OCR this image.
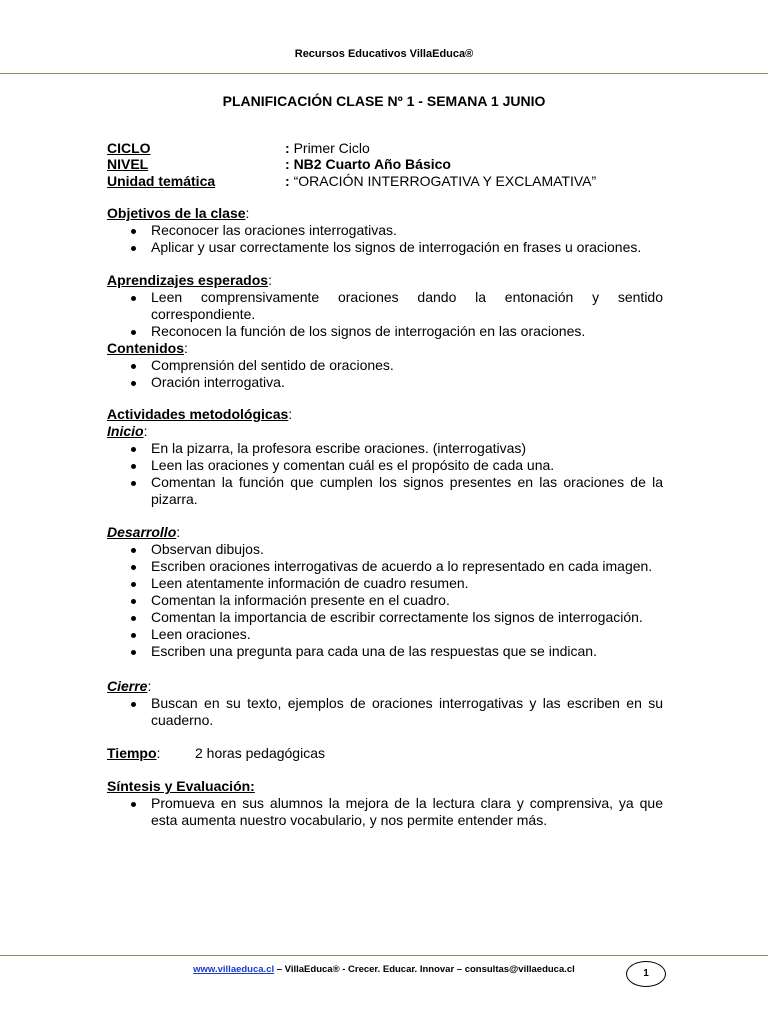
Recursos Educativos VillaEduca®
PLANIFICACIÓN CLASE Nº 1 - SEMANA 1 JUNIO
CICLO	: Primer Ciclo
NIVEL	: NB2 Cuarto Año Básico
Unidad temática	: “ORACIÓN INTERROGATIVA Y EXCLAMATIVA”
Objetivos de la clase:
Reconocer las oraciones interrogativas.
Aplicar y usar correctamente los signos de interrogación en frases u oraciones.
Aprendizajes esperados:
Leen comprensivamente oraciones dando la entonación y sentido correspondiente.
Reconocen la función de los signos de interrogación en las oraciones.
Contenidos:
Comprensión del sentido de oraciones.
Oración interrogativa.
Actividades metodológicas:
Inicio:
En la pizarra, la profesora escribe oraciones. (interrogativas)
Leen las oraciones y comentan cuál es el propósito de cada una.
Comentan la función que cumplen los signos presentes en las oraciones de la pizarra.
Desarrollo:
Observan dibujos.
Escriben oraciones interrogativas de acuerdo a lo representado en cada imagen.
Leen atentamente información de cuadro resumen.
Comentan la información presente en el cuadro.
Comentan la importancia de escribir correctamente los signos de interrogación.
Leen oraciones.
Escriben una pregunta para cada una de las respuestas que se indican.
Cierre:
Buscan en su texto, ejemplos de oraciones interrogativas y las escriben en su cuaderno.
Tiempo: 2 horas pedagógicas
Síntesis y Evaluación:
Promueva en sus alumnos la mejora de la lectura clara y comprensiva, ya que esta aumenta nuestro vocabulario, y nos permite entender más.
www.villaeduca.cl – VillaEduca® - Crecer. Educar. Innovar – consultas@villaeduca.cl	1
